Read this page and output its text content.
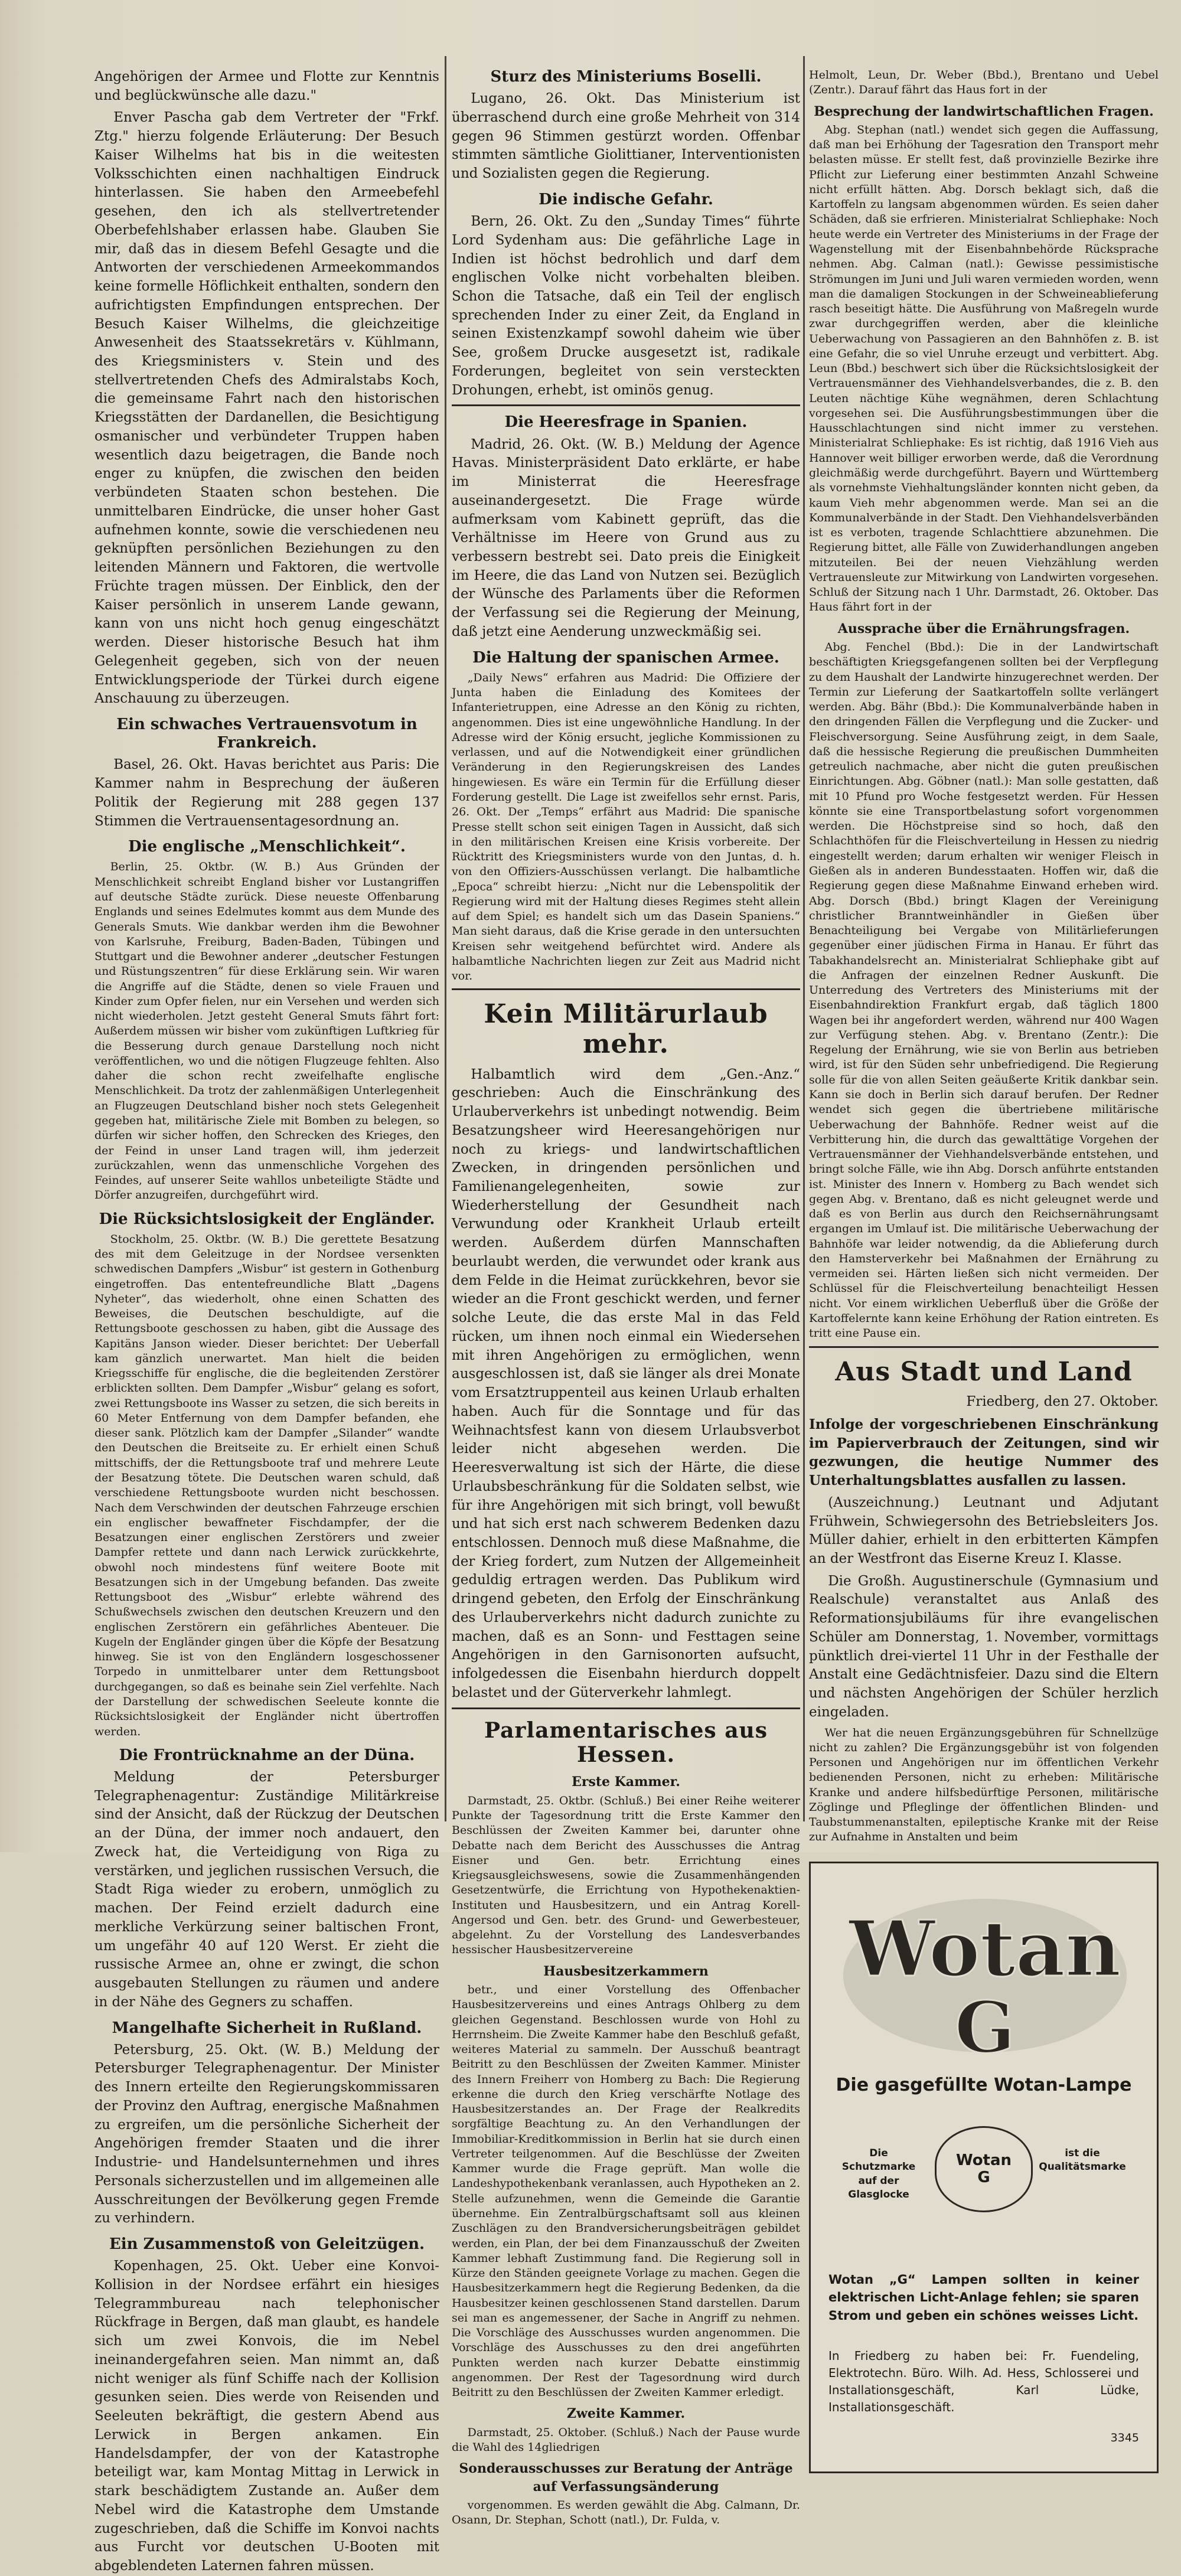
Angehörigen der Armee und Flotte zur Kenntnis und beglückwünsche alle dazu."

Enver Pascha gab dem Vertreter der "Frkf. Ztg." hierzu folgende Erläuterung: Der Besuch Kaiser Wilhelms hat bis in die weitesten Volksschichten einen nachhaltigen Eindruck hinterlassen. Sie haben den Armeebefehl gesehen, den ich als stellvertretender Oberbefehlshaber erlassen habe. Glauben Sie mir, daß das in diesem Befehl Gesagte und die Antworten der verschiedenen Armeekommandos keine formelle Höflichkeit enthalten, sondern den aufrichtigsten Empfindungen entsprechen. Der Besuch Kaiser Wilhelms, die gleichzeitige Anwesenheit des Staatssekretärs v. Kühlmann, des Kriegsministers v. Stein und des stellvertretenden Chefs des Admiralstabs Koch, die gemeinsame Fahrt nach den historischen Kriegsstätten der Dardanellen, die Besichtigung osmanischer und verbündeter Truppen haben wesentlich dazu beigetragen, die Bande noch enger zu knüpfen, die zwischen den beiden verbündeten Staaten schon bestehen. Die unmittelbaren Eindrücke, die unser hoher Gast aufnehmen konnte, sowie die verschiedenen neu geknüpften persönlichen Beziehungen zu den leitenden Männern und Faktoren, die wertvolle Früchte tragen müssen. Der Einblick, den der Kaiser persönlich in unserem Lande gewann, kann von uns nicht hoch genug eingeschätzt werden. Dieser historische Besuch hat ihm Gelegenheit gegeben, sich von der neuen Entwicklungsperiode der Türkei durch eigene Anschauung zu überzeugen.

Ein schwaches Vertrauensvotum in Frankreich.

Basel, 26. Okt. Havas berichtet aus Paris: Die Kammer nahm in Besprechung der äußeren Politik der Regierung mit 288 gegen 137 Stimmen die Vertrauensentagesordnung an.

Die englische „Menschlichkeit“.

Berlin, 25. Oktbr. (W. B.) Aus Gründen der Menschlichkeit schreibt England bisher vor Lustangriffen auf deutsche Städte zurück. Diese neueste Offenbarung Englands und seines Edelmutes kommt aus dem Munde des Generals Smuts. Wie dankbar werden ihm die Bewohner von Karlsruhe, Freiburg, Baden-Baden, Tübingen und Stuttgart und die Bewohner anderer „deutscher Festungen und Rüstungszentren“ für diese Erklärung sein. Wir waren die Angriffe auf die Städte, denen so viele Frauen und Kinder zum Opfer fielen, nur ein Versehen und werden sich nicht wiederholen. Jetzt gesteht General Smuts fährt fort: Außerdem müssen wir bisher vom zukünftigen Luftkrieg für die Besserung durch genaue Darstellung noch nicht veröffentlichen, wo und die nötigen Flugzeuge fehlten. Also daher die schon recht zweifelhafte englische Menschlichkeit. Da trotz der zahlenmäßigen Unterlegenheit an Flugzeugen Deutschland bisher noch stets Gelegenheit gegeben hat, militärische Ziele mit Bomben zu belegen, so dürfen wir sicher hoffen, den Schrecken des Krieges, den der Feind in unser Land tragen will, ihm jederzeit zurückzahlen, wenn das unmenschliche Vorgehen des Feindes, auf unserer Seite wahllos unbeteiligte Städte und Dörfer anzugreifen, durchgeführt wird.

Die Rücksichtslosigkeit der Engländer.

Stockholm, 25. Oktbr. (W. B.) Die gerettete Besatzung des mit dem Geleitzuge in der Nordsee versenkten schwedischen Dampfers „Wisbur“ ist gestern in Gothenburg eingetroffen. Das ententefreundliche Blatt „Dagens Nyheter“, das wiederholt, ohne einen Schatten des Beweises, die Deutschen beschuldigte, auf die Rettungsboote geschossen zu haben, gibt die Aussage des Kapitäns Janson wieder. Dieser berichtet: Der Ueberfall kam gänzlich unerwartet. Man hielt die beiden Kriegsschiffe für englische, die die begleitenden Zerstörer erblickten sollten. Dem Dampfer „Wisbur“ gelang es sofort, zwei Rettungsboote ins Wasser zu setzen, die sich bereits in 60 Meter Entfernung von dem Dampfer befanden, ehe dieser sank. Plötzlich kam der Dampfer „Silander“ wandte den Deutschen die Breitseite zu. Er erhielt einen Schuß mittschiffs, der die Rettungsboote traf und mehrere Leute der Besatzung tötete. Die Deutschen waren schuld, daß verschiedene Rettungsboote wurden nicht beschossen. Nach dem Verschwinden der deutschen Fahrzeuge erschien ein englischer bewaffneter Fischdampfer, der die Besatzungen einer englischen Zerstörers und zweier Dampfer rettete und dann nach Lerwick zurückkehrte, obwohl noch mindestens fünf weitere Boote mit Besatzungen sich in der Umgebung befanden. Das zweite Rettungsboot des „Wisbur“ erlebte während des Schußwechsels zwischen den deutschen Kreuzern und den englischen Zerstörern ein gefährliches Abenteuer. Die Kugeln der Engländer gingen über die Köpfe der Besatzung hinweg. Sie ist von den Engländern losgeschossener Torpedo in unmittelbarer unter dem Rettungsboot durchgegangen, so daß es beinahe sein Ziel verfehlte. Nach der Darstellung der schwedischen Seeleute konnte die Rücksichtslosigkeit der Engländer nicht übertroffen werden.

Die Frontrücknahme an der Düna.

Meldung der Petersburger Telegraphenagentur: Zuständige Militärkreise sind der Ansicht, daß der Rückzug der Deutschen an der Düna, der immer noch andauert, den Zweck hat, die Verteidigung von Riga zu verstärken, und jeglichen russischen Versuch, die Stadt Riga wieder zu erobern, unmöglich zu machen. Der Feind erzielt dadurch eine merkliche Verkürzung seiner baltischen Front, um ungefähr 40 auf 120 Werst. Er zieht die russische Armee an, ohne er zwingt, die schon ausgebauten Stellungen zu räumen und andere in der Nähe des Gegners zu schaffen.

Mangelhafte Sicherheit in Rußland.

Petersburg, 25. Okt. (W. B.) Meldung der Petersburger Telegraphenagentur. Der Minister des Innern erteilte den Regierungskommissaren der Provinz den Auftrag, energische Maßnahmen zu ergreifen, um die persönliche Sicherheit der Angehörigen fremder Staaten und die ihrer Industrie- und Handelsunternehmen und ihres Personals sicherzustellen und im allgemeinen alle Ausschreitungen der Bevölkerung gegen Fremde zu verhindern.

Ein Zusammenstoß von Geleitzügen.

Kopenhagen, 25. Okt. Ueber eine Konvoi-Kollision in der Nordsee erfährt ein hiesiges Telegrammbureau nach telephonischer Rückfrage in Bergen, daß man glaubt, es handele sich um zwei Konvois, die im Nebel ineinandergefahren seien. Man nimmt an, daß nicht weniger als fünf Schiffe nach der Kollision gesunken seien. Dies werde von Reisenden und Seeleuten bekräftigt, die gestern Abend aus Lerwick in Bergen ankamen. Ein Handelsdampfer, der von der Katastrophe beteiligt war, kam Montag Mittag in Lerwick in stark beschädigtem Zustande an. Außer dem Nebel wird die Katastrophe dem Umstande zugeschrieben, daß die Schiffe im Konvoi nachts aus Furcht vor deutschen U-Booten mit abgeblendeten Laternen fahren müssen.

Sturz des Ministeriums Boselli.

Lugano, 26. Okt. Das Ministerium ist überraschend durch eine große Mehrheit von 314 gegen 96 Stimmen gestürzt worden. Offenbar stimmten sämtliche Giolittianer, Interventionisten und Sozialisten gegen die Regierung.

Die indische Gefahr.

Bern, 26. Okt. Zu den „Sunday Times“ führte Lord Sydenham aus: Die gefährliche Lage in Indien ist höchst bedrohlich und darf dem englischen Volke nicht vorbehalten bleiben. Schon die Tatsache, daß ein Teil der englisch sprechenden Inder zu einer Zeit, da England in seinen Existenzkampf sowohl daheim wie über See, großem Drucke ausgesetzt ist, radikale Forderungen, begleitet von sein versteckten Drohungen, erhebt, ist ominös genug.

Die Heeresfrage in Spanien.

Madrid, 26. Okt. (W. B.) Meldung der Agence Havas. Ministerpräsident Dato erklärte, er habe im Ministerrat die Heeresfrage auseinandergesetzt. Die Frage würde aufmerksam vom Kabinett geprüft, das die Verhältnisse im Heere von Grund aus zu verbessern bestrebt sei. Dato preis die Einigkeit im Heere, die das Land von Nutzen sei. Bezüglich der Wünsche des Parlaments über die Reformen der Verfassung sei die Regierung der Meinung, daß jetzt eine Aenderung unzweckmäßig sei.

Die Haltung der spanischen Armee.

„Daily News“ erfahren aus Madrid: Die Offiziere der Junta haben die Einladung des Komitees der Infanterietruppen, eine Adresse an den König zu richten, angenommen. Dies ist eine ungewöhnliche Handlung. In der Adresse wird der König ersucht, jegliche Kommissionen zu verlassen, und auf die Notwendigkeit einer gründlichen Veränderung in den Regierungskreisen des Landes hingewiesen. Es wäre ein Termin für die Erfüllung dieser Forderung gestellt. Die Lage ist zweifellos sehr ernst. Paris, 26. Okt. Der „Temps“ erfährt aus Madrid: Die spanische Presse stellt schon seit einigen Tagen in Aussicht, daß sich in den militärischen Kreisen eine Krisis vorbereite. Der Rücktritt des Kriegsministers wurde von den Juntas, d. h. von den Offiziers-Ausschüssen verlangt. Die halbamtliche „Epoca“ schreibt hierzu: „Nicht nur die Lebenspolitik der Regierung wird mit der Haltung dieses Regimes steht allein auf dem Spiel; es handelt sich um das Dasein Spaniens.“ Man sieht daraus, daß die Krise gerade in den untersuchten Kreisen sehr weitgehend befürchtet wird. Andere als halbamtliche Nachrichten liegen zur Zeit aus Madrid nicht vor.

Kein Militärurlaub mehr.

Halbamtlich wird dem „Gen.-Anz.“ geschrieben: Auch die Einschränkung des Urlauberverkehrs ist unbedingt notwendig. Beim Besatzungsheer wird Heeresangehörigen nur noch zu kriegs- und landwirtschaftlichen Zwecken, in dringenden persönlichen und Familienangelegenheiten, sowie zur Wiederherstellung der Gesundheit nach Verwundung oder Krankheit Urlaub erteilt werden. Außerdem dürfen Mannschaften beurlaubt werden, die verwundet oder krank aus dem Felde in die Heimat zurückkehren, bevor sie wieder an die Front geschickt werden, und ferner solche Leute, die das erste Mal in das Feld rücken, um ihnen noch einmal ein Wiedersehen mit ihren Angehörigen zu ermöglichen, wenn ausgeschlossen ist, daß sie länger als drei Monate vom Ersatztruppenteil aus keinen Urlaub erhalten haben. Auch für die Sonntage und für das Weihnachtsfest kann von diesem Urlaubsverbot leider nicht abgesehen werden. Die Heeresverwaltung ist sich der Härte, die diese Urlaubsbeschränkung für die Soldaten selbst, wie für ihre Angehörigen mit sich bringt, voll bewußt und hat sich erst nach schwerem Bedenken dazu entschlossen. Dennoch muß diese Maßnahme, die der Krieg fordert, zum Nutzen der Allgemeinheit geduldig ertragen werden. Das Publikum wird dringend gebeten, den Erfolg der Einschränkung des Urlauberverkehrs nicht dadurch zunichte zu machen, daß es an Sonn- und Festtagen seine Angehörigen in den Garnisonorten aufsucht, infolgedessen die Eisenbahn hierdurch doppelt belastet und der Güterverkehr lahmlegt.

Parlamentarisches aus Hessen.
Erste Kammer.

Darmstadt, 25. Oktbr. (Schluß.) Bei einer Reihe weiterer Punkte der Tagesordnung tritt die Erste Kammer den Beschlüssen der Zweiten Kammer bei, darunter ohne Debatte nach dem Bericht des Ausschusses die Antrag Eisner und Gen. betr. Errichtung eines Kriegsausgleichswesens, sowie die Zusammenhängenden Gesetzentwürfe, die Errichtung von Hypothekenaktien-Instituten und Hausbesitzern, und ein Antrag Korell-Angersod und Gen. betr. des Grund- und Gewerbesteuer, abgelehnt. Zu der Vorstellung des Landesverbandes hessischer Hausbesitzervereine

Hausbesitzerkammern

betr., und einer Vorstellung des Offenbacher Hausbesitzervereins und eines Antrags Ohlberg zu dem gleichen Gegenstand. Beschlossen wurde von Hohl zu Herrnsheim. Die Zweite Kammer habe den Beschluß gefaßt, weiteres Material zu sammeln. Der Ausschuß beantragt Beitritt zu den Beschlüssen der Zweiten Kammer. Minister des Innern Freiherr von Homberg zu Bach: Die Regierung erkenne die durch den Krieg verschärfte Notlage des Hausbesitzerstandes an. Der Frage der Realkredits sorgfältige Beachtung zu. An den Verhandlungen der Immobiliar-Kreditkommission in Berlin hat sie durch einen Vertreter teilgenommen. Auf die Beschlüsse der Zweiten Kammer wurde die Frage geprüft. Man wolle die Landeshypothekenbank veranlassen, auch Hypotheken an 2. Stelle aufzunehmen, wenn die Gemeinde die Garantie übernehme. Ein Zentralbürgschaftsamt soll aus kleinen Zuschlägen zu den Brandversicherungsbeiträgen gebildet werden, ein Plan, der bei dem Finanzausschuß der Zweiten Kammer lebhaft Zustimmung fand. Die Regierung soll in Kürze den Ständen geeignete Vorlage zu machen. Gegen die Hausbesitzerkammern hegt die Regierung Bedenken, da die Hausbesitzer keinen geschlossenen Stand darstellen. Darum sei man es angemessener, der Sache in Angriff zu nehmen. Die Vorschläge des Ausschusses wurden angenommen. Die Vorschläge des Ausschusses zu den drei angeführten Punkten werden nach kurzer Debatte einstimmig angenommen. Der Rest der Tagesordnung wird durch Beitritt zu den Beschlüssen der Zweiten Kammer erledigt.

Zweite Kammer.

Darmstadt, 25. Oktober. (Schluß.) Nach der Pause wurde die Wahl des 14gliedrigen

Sonderausschusses zur Beratung der Anträge auf Verfassungsänderung

vorgenommen. Es werden gewählt die Abg. Calmann, Dr. Osann, Dr. Stephan, Schott (natl.), Dr. Fulda, v.

Helmolt, Leun, Dr. Weber (Bbd.), Brentano und Uebel (Zentr.). Darauf fährt das Haus fort in der

Besprechung der landwirtschaftlichen Fragen.

Abg. Stephan (natl.) wendet sich gegen die Auffassung, daß man bei Erhöhung der Tagesration den Transport mehr belasten müsse. Er stellt fest, daß provinzielle Bezirke ihre Pflicht zur Lieferung einer bestimmten Anzahl Schweine nicht erfüllt hätten. Abg. Dorsch beklagt sich, daß die Kartoffeln zu langsam abgenommen würden. Es seien daher Schäden, daß sie erfrieren. Ministerialrat Schliephake: Noch heute werde ein Vertreter des Ministeriums in der Frage der Wagenstellung mit der Eisenbahnbehörde Rücksprache nehmen. Abg. Calman (natl.): Gewisse pessimistische Strömungen im Juni und Juli waren vermieden worden, wenn man die damaligen Stockungen in der Schweineablieferung rasch beseitigt hätte. Die Ausführung von Maßregeln wurde zwar durchgegriffen werden, aber die kleinliche Ueberwachung von Passagieren an den Bahnhöfen z. B. ist eine Gefahr, die so viel Unruhe erzeugt und verbittert. Abg. Leun (Bbd.) beschwert sich über die Rücksichtslosigkeit der Vertrauensmänner des Viehhandelsverbandes, die z. B. den Leuten nächtige Kühe wegnähmen, deren Schlachtung vorgesehen sei. Die Ausführungsbestimmungen über die Hausschlachtungen sind nicht immer zu verstehen. Ministerialrat Schliephake: Es ist richtig, daß 1916 Vieh aus Hannover weit billiger erworben werde, daß die Verordnung gleichmäßig werde durchgeführt. Bayern und Württemberg als vornehmste Viehhaltungsländer konnten nicht geben, da kaum Vieh mehr abgenommen werde. Man sei an die Kommunalverbände in der Stadt. Den Viehhandelsverbänden ist es verboten, tragende Schlachttiere abzunehmen. Die Regierung bittet, alle Fälle von Zuwiderhandlungen angeben mitzuteilen. Bei der neuen Viehzählung werden Vertrauensleute zur Mitwirkung von Landwirten vorgesehen. Schluß der Sitzung nach 1 Uhr. Darmstadt, 26. Oktober. Das Haus fährt fort in der

Aussprache über die Ernährungsfragen.

Abg. Fenchel (Bbd.): Die in der Landwirtschaft beschäftigten Kriegsgefangenen sollten bei der Verpflegung zu dem Haushalt der Landwirte hinzugerechnet werden. Der Termin zur Lieferung der Saatkartoffeln sollte verlängert werden. Abg. Bähr (Bbd.): Die Kommunalverbände haben in den dringenden Fällen die Verpflegung und die Zucker- und Fleischversorgung. Seine Ausführung zeigt, in dem Saale, daß die hessische Regierung die preußischen Dummheiten getreulich nachmache, aber nicht die guten preußischen Einrichtungen. Abg. Göbner (natl.): Man solle gestatten, daß mit 10 Pfund pro Woche festgesetzt werden. Für Hessen könnte sie eine Transportbelastung sofort vorgenommen werden. Die Höchstpreise sind so hoch, daß den Schlachthöfen für die Fleischverteilung in Hessen zu niedrig eingestellt werden; darum erhalten wir weniger Fleisch in Gießen als in anderen Bundesstaaten. Hoffen wir, daß die Regierung gegen diese Maßnahme Einwand erheben wird. Abg. Dorsch (Bbd.) bringt Klagen der Vereinigung christlicher Branntweinhändler in Gießen über Benachteiligung bei Vergabe von Militärlieferungen gegenüber einer jüdischen Firma in Hanau. Er führt das Tabakhandelsrecht an. Ministerialrat Schliephake gibt auf die Anfragen der einzelnen Redner Auskunft. Die Unterredung des Vertreters des Ministeriums mit der Eisenbahndirektion Frankfurt ergab, daß täglich 1800 Wagen bei ihr angefordert werden, während nur 400 Wagen zur Verfügung stehen. Abg. v. Brentano (Zentr.): Die Regelung der Ernährung, wie sie von Berlin aus betrieben wird, ist für den Süden sehr unbefriedigend. Die Regierung solle für die von allen Seiten geäußerte Kritik dankbar sein. Kann sie doch in Berlin sich darauf berufen. Der Redner wendet sich gegen die übertriebene militärische Ueberwachung der Bahnhöfe. Redner weist auf die Verbitterung hin, die durch das gewalttätige Vorgehen der Vertrauensmänner der Viehhandelsverbände entstehen, und bringt solche Fälle, wie ihn Abg. Dorsch anführte entstanden ist. Minister des Innern v. Homberg zu Bach wendet sich gegen Abg. v. Brentano, daß es nicht geleugnet werde und daß es von Berlin aus durch den Reichsernährungsamt ergangen im Umlauf ist. Die militärische Ueberwachung der Bahnhöfe war leider notwendig, da die Ablieferung durch den Hamsterverkehr bei Maßnahmen der Ernährung zu vermeiden sei. Härten ließen sich nicht vermeiden. Der Schlüssel für die Fleischverteilung benachteiligt Hessen nicht. Vor einem wirklichen Ueberfluß über die Größe der Kartoffelernte kann keine Erhöhung der Ration eintreten. Es tritt eine Pause ein.

Aus Stadt und Land

Friedberg, den 27. Oktober.

Infolge der vorgeschriebenen Einschränkung im Papierverbrauch der Zeitungen, sind wir gezwungen, die heutige Nummer des Unterhaltungsblattes ausfallen zu lassen.

(Auszeichnung.) Leutnant und Adjutant Frühwein, Schwiegersohn des Betriebsleiters Jos. Müller dahier, erhielt in den erbitterten Kämpfen an der Westfront das Eiserne Kreuz I. Klasse.

Die Großh. Augustinerschule (Gymnasium und Realschule) veranstaltet aus Anlaß des Reformationsjubiläums für ihre evangelischen Schüler am Donnerstag, 1. November, vormittags pünktlich drei-viertel 11 Uhr in der Festhalle der Anstalt eine Gedächtnisfeier. Dazu sind die Eltern und nächsten Angehörigen der Schüler herzlich eingeladen.

Wer hat die neuen Ergänzungsgebühren für Schnellzüge nicht zu zahlen? Die Ergänzungsgebühr ist von folgenden Personen und Angehörigen nur im öffentlichen Verkehr bedienenden Personen, nicht zu erheben: Militärische Kranke und andere hilfsbedürftige Personen, militärische Zöglinge und Pfleglinge der öffentlichen Blinden- und Taubstummenanstalten, epileptische Kranke mit der Reise zur Aufnahme in Anstalten und beim

Wotan
G
Die gasgefüllte Wotan-Lampe
Die Schutzmarke auf der Glasglocke
Wotan
G
ist die Qualitätsmarke
Wotan „G“ Lampen sollten in keiner elektrischen Licht-Anlage fehlen; sie sparen Strom und geben ein schönes weisses Licht.
In Friedberg zu haben bei: Fr. Fuendeling, Elektrotechn. Büro. Wilh. Ad. Hess, Schlosserei und Installationsgeschäft, Karl Lüdke, Installationsgeschäft.
3345
